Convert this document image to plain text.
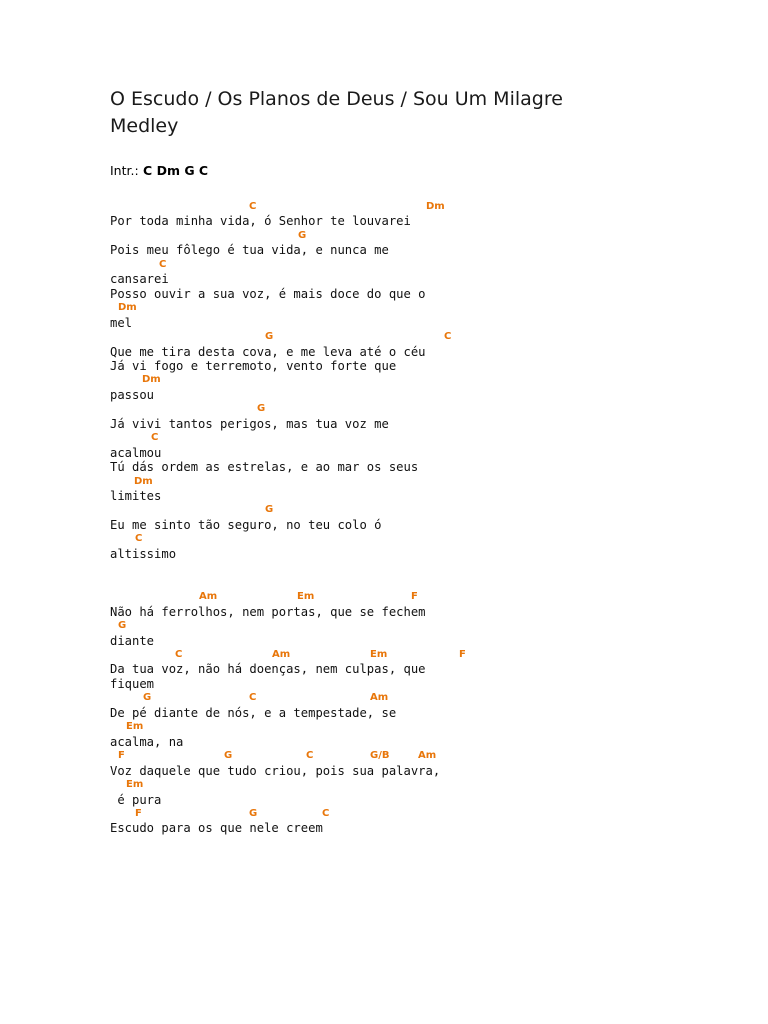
O Escudo / Os Planos de Deus / Sou Um Milagre
Medley
Intr.: C Dm G C
C	Dm
Por toda minha vida, ó Senhor te louvarei
G
Pois meu fôlego é tua vida, e nunca me
C
cansarei
Posso ouvir a sua voz, é mais doce do que o
Dm
mel
G	C
Que me tira desta cova, e me leva até o céu
Já vi fogo e terremoto, vento forte que
Dm
passou
G
Já vivi tantos perigos, mas tua voz me
C
acalmou
Tú dás ordem as estrelas, e ao mar os seus
Dm
limites
G
Eu me sinto tão seguro, no teu colo ó
C
altissimo
Am	Em	F
Não há ferrolhos, nem portas, que se fechem
G
diante
C	Am	Em	F
Da tua voz, não há doenças, nem culpas, que
fiquem
G	C	Am
De pé diante de nós, e a tempestade, se
Em
acalma, na
F	G	C	G/B	Am
Voz daquele que tudo criou, pois sua palavra,
Em
é pura
F	G	C
Escudo para os que nele creem
